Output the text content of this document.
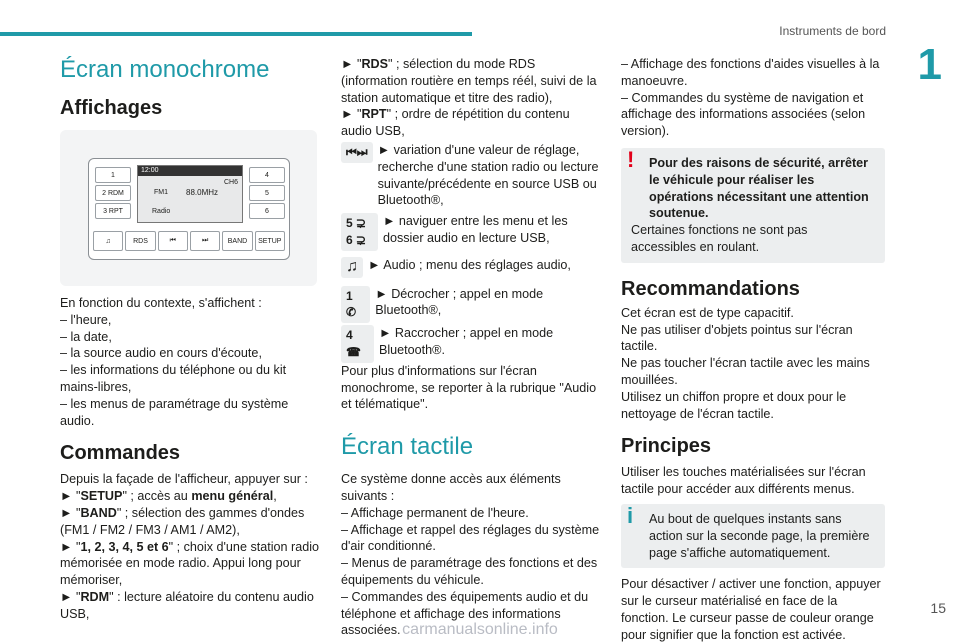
Instruments de bord
1
15
carmanualsonline.info
Écran monochrome
Affichages
12:00
CH6
FM1 88.0MHz
Radio
1
2 RDM
3 RPT
4
5
6
♫	RDS	⏮	⏭	BAND	SETUP

En fonction du contexte, s'affichent :

– l'heure,

– la date,

– la source audio en cours d'écoute,

– les informations du téléphone ou du kit mains-libres,

– les menus de paramétrage du système audio.

Commandes

Depuis la façade de l'afficheur, appuyer sur :

► "SETUP" ; accès au menu général,

► "BAND" ; sélection des gammes d'ondes (FM1 / FM2 / FM3 / AM1 / AM2),

► "1, 2, 3, 4, 5 et 6" ; choix d'une station radio mémorisée en mode radio. Appui long pour mémoriser,

► "RDM" : lecture aléatoire du contenu audio USB,

► "RDS" ; sélection du mode RDS (information routière en temps réél, suivi de la station automatique et titre des radio),

► "RPT" ; ordre de répétition du contenu audio USB,

⏮⏭ ► variation d'une valeur de réglage, recherche d'une station radio ou lecture suivante/précédente en source USB ou Bluetooth®,
5 ⊋ 6 ⊋
► naviguer entre les menu et les dossier audio en lecture USB,
♫ ► Audio ; menu des réglages audio,
1 ✆
► Décrocher ; appel en mode Bluetooth®,
4 ☎
► Raccrocher ; appel en mode Bluetooth®.

Pour plus d'informations sur l'écran monochrome, se reporter à la rubrique "Audio et télématique".

Écran tactile

Ce système donne accès aux éléments suivants :

– Affichage permanent de l'heure.

– Affichage et rappel des réglages du système d'air conditionné.

– Menus de paramétrage des fonctions et des équipements du véhicule.

– Commandes des équipements audio et du téléphone et affichage des informations associées.

– Affichage des fonctions d'aides visuelles à la manoeuvre.

– Commandes du système de navigation et affichage des informations associées (selon version).

!	Pour des raisons de sécurité, arrêter le véhicule pour réaliser les opérations nécessitant une attention soutenue.

Certaines fonctions ne sont pas accessibles en roulant.

Recommandations

Cet écran est de type capacitif.

Ne pas utiliser d'objets pointus sur l'écran tactile.

Ne pas toucher l'écran tactile avec les mains mouillées.

Utilisez un chiffon propre et doux pour le nettoyage de l'écran tactile.

Principes

Utiliser les touches matérialisées sur l'écran tactile pour accéder aux différents menus.

i	Au bout de quelques instants sans action sur la seconde page, la première page s'affiche automatiquement.

Pour désactiver / activer une fonction, appuyer sur le curseur matérialisé en face de la fonction. Le curseur passe de couleur orange pour signifier que la fonction est activée.
